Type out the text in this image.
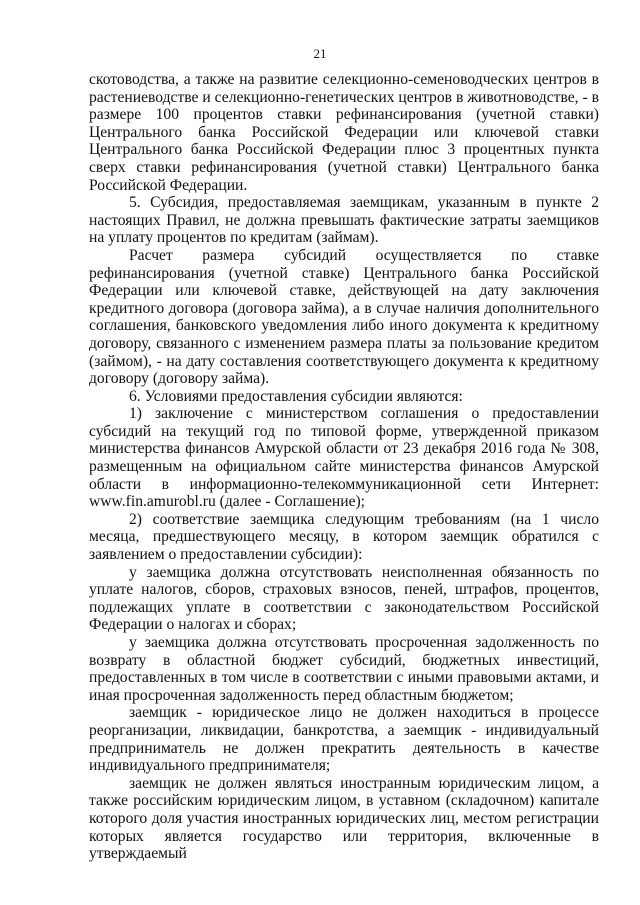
21

скотоводства, а также на развитие селекционно-семеноводческих центров в растениеводстве и селекционно-генетических центров в животноводстве, - в размере 100 процентов ставки рефинансирования (учетной ставки) Центрального банка Российской Федерации или ключевой ставки Центрального банка Российской Федерации плюс 3 процентных пункта сверх ставки рефинансирования (учетной ставки) Центрального банка Российской Федерации.

5. Субсидия, предоставляемая заемщикам, указанным в пункте 2 настоящих Правил, не должна превышать фактические затраты заемщиков на уплату процентов по кредитам (займам).

Расчет размера субсидий осуществляется по ставке рефинансирования (учетной ставке) Центрального банка Российской Федерации или ключевой ставке, действующей на дату заключения кредитного договора (договора займа), а в случае наличия дополнительного соглашения, банковского уведомления либо иного документа к кредитному договору, связанного с изменением размера платы за пользование кредитом (займом), - на дату составления соответствующего документа к кредитному договору (договору займа).

6. Условиями предоставления субсидии являются:

1) заключение с министерством соглашения о предоставлении субсидий на текущий год по типовой форме, утвержденной приказом министерства финансов Амурской области от 23 декабря 2016 года № 308, размещенным на официальном сайте министерства финансов Амурской области в информационно-телекоммуникационной сети Интернет: www.fin.amurobl.ru (далее - Соглашение);

2) соответствие заемщика следующим требованиям (на 1 число месяца, предшествующего месяцу, в котором заемщик обратился с заявлением о предоставлении субсидии):

у заемщика должна отсутствовать неисполненная обязанность по уплате налогов, сборов, страховых взносов, пеней, штрафов, процентов, подлежащих уплате в соответствии с законодательством Российской Федерации о налогах и сборах;

у заемщика должна отсутствовать просроченная задолженность по возврату в областной бюджет субсидий, бюджетных инвестиций, предоставленных в том числе в соответствии с иными правовыми актами, и иная просроченная задолженность перед областным бюджетом;

заемщик - юридическое лицо не должен находиться в процессе реорганизации, ликвидации, банкротства, а заемщик - индивидуальный предприниматель не должен прекратить деятельность в качестве индивидуального предпринимателя;

заемщик не должен являться иностранным юридическим лицом, а также российским юридическим лицом, в уставном (складочном) капитале которого доля участия иностранных юридических лиц, местом регистрации которых является государство или территория, включенные в утверждаемый
